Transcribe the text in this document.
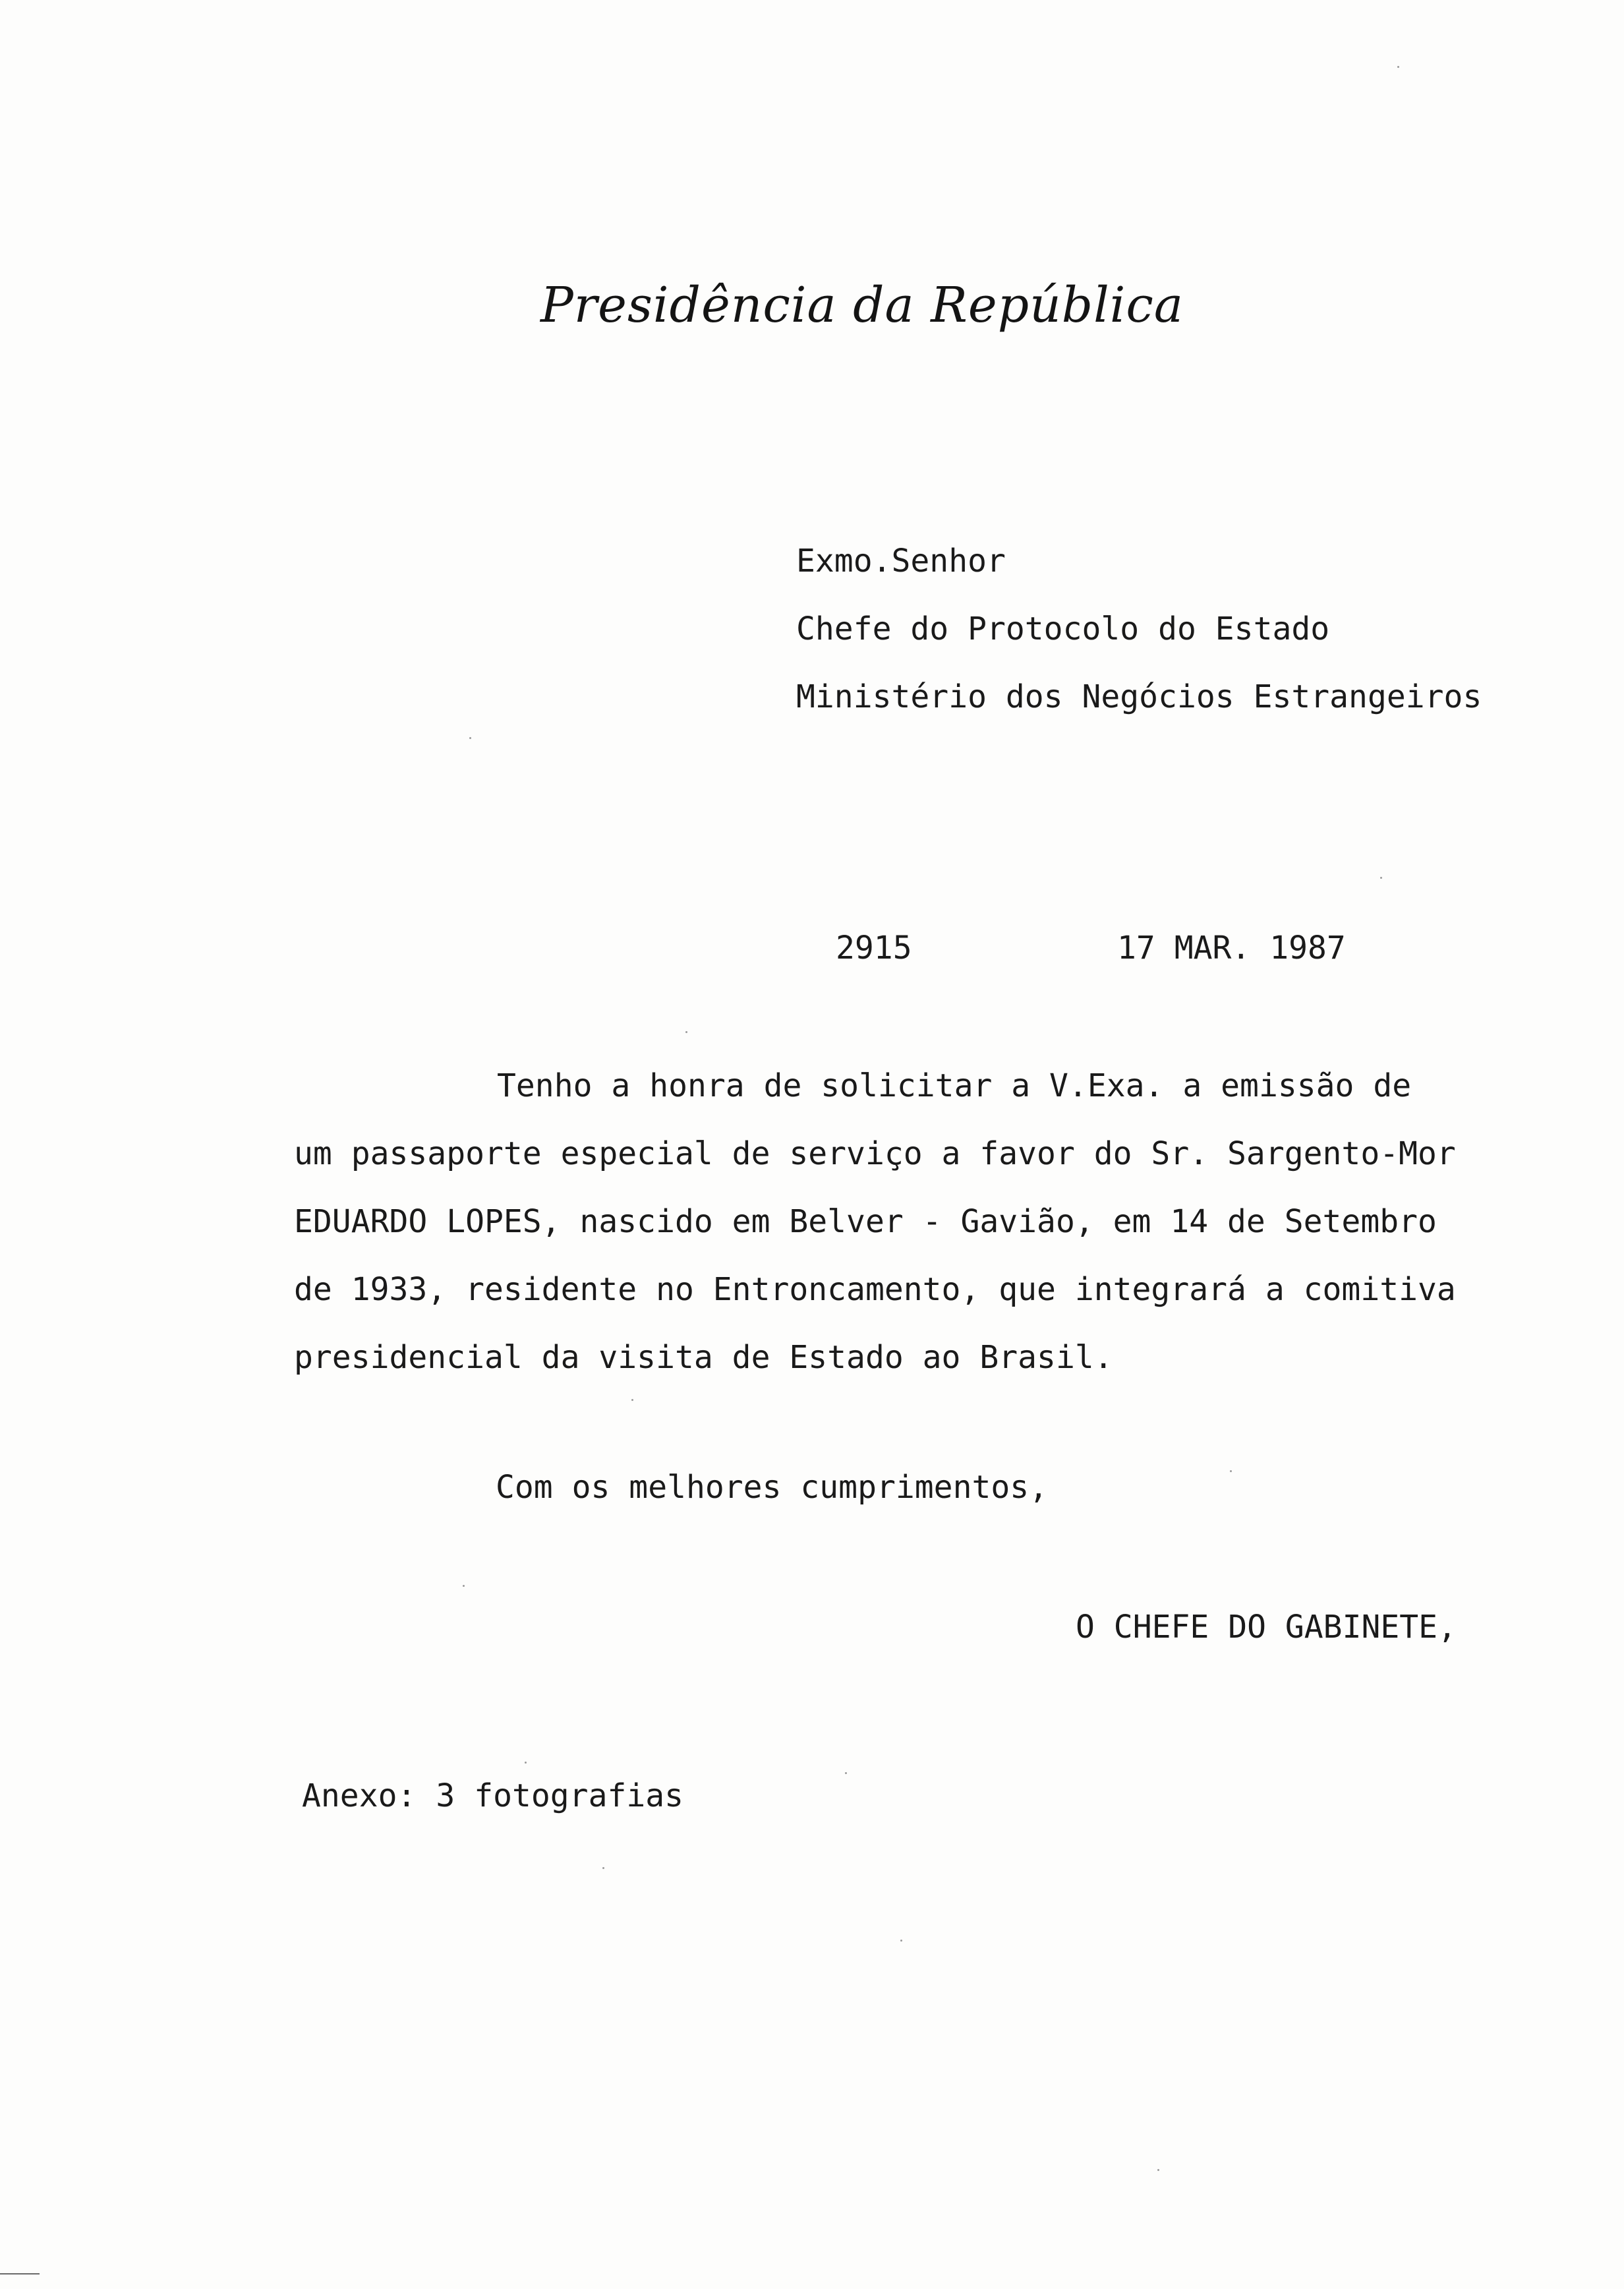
Presidência da República
Exmo.Senhor
Chefe do Protocolo do Estado
Ministério dos Negócios Estrangeiros
2915	17 MAR. 1987
Tenho a honra de solicitar a V.Exa. a emissão de
um passaporte especial de serviço a favor do Sr. Sargento-Mor
EDUARDO LOPES, nascido em Belver - Gavião, em 14 de Setembro
de 1933, residente no Entroncamento, que integrará a comitiva
presidencial da visita de Estado ao Brasil.
Com os melhores cumprimentos,
O CHEFE DO GABINETE,
Anexo: 3 fotografias
